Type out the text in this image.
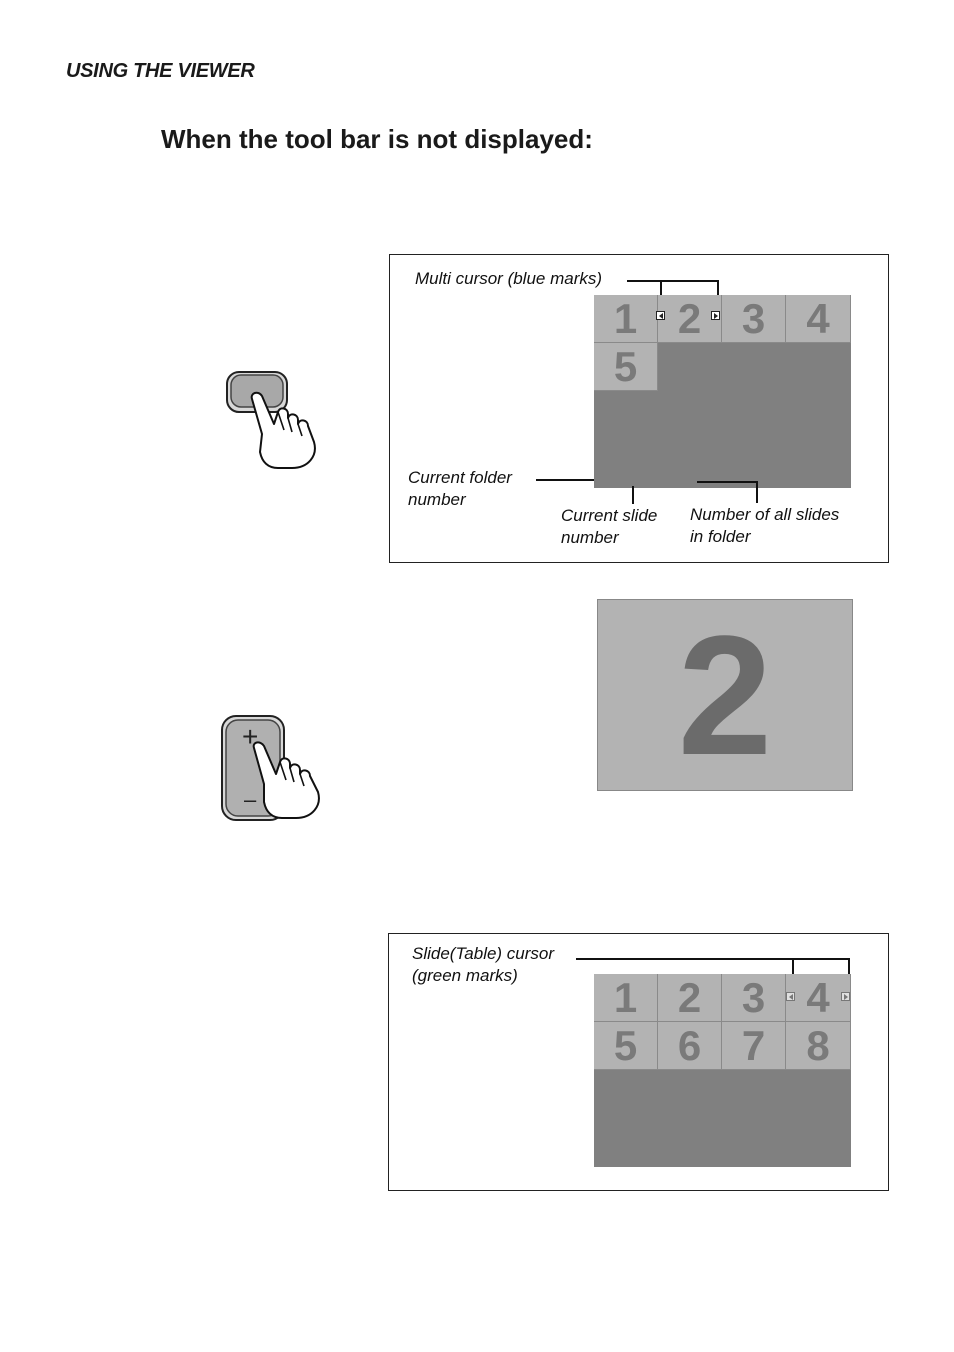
USING THE VIEWER
When the tool bar is not displayed:
Multi cursor (blue marks)
1 2 3 4
5
Current folder
number
Current slide
number
Number of all slides
in folder
+
–
2
Slide(Table) cursor
(green marks)	1 2 3 4
5 6 7 8
